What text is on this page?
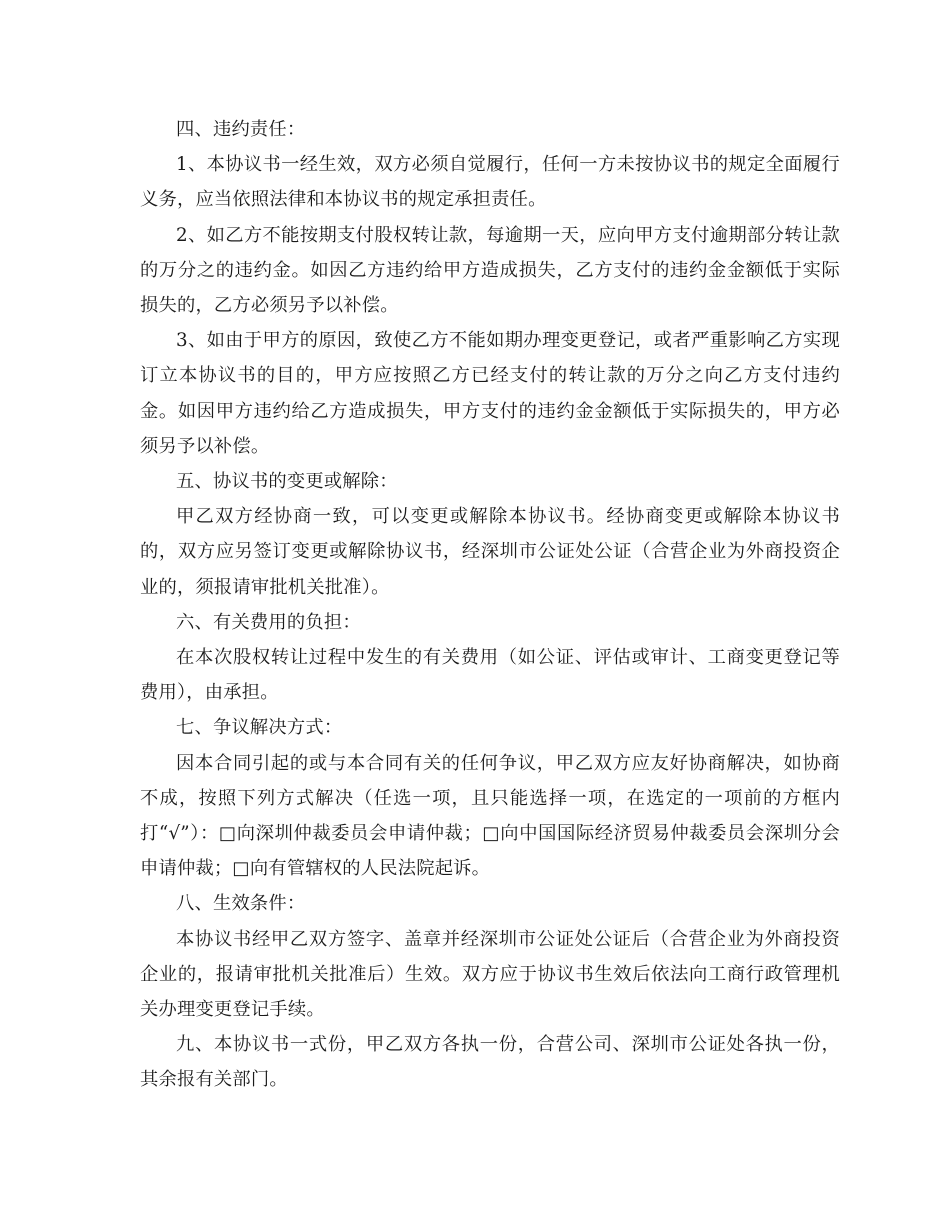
四、违约责任：

1、本协议书一经生效，双方必须自觉履行，任何一方未按协议书的规定全面履行义务，应当依照法律和本协议书的规定承担责任。

2、如乙方不能按期支付股权转让款，每逾期一天，应向甲方支付逾期部分转让款的万分之的违约金。如因乙方违约给甲方造成损失，乙方支付的违约金金额低于实际损失的，乙方必须另予以补偿。

3、如由于甲方的原因，致使乙方不能如期办理变更登记，或者严重影响乙方实现订立本协议书的目的，甲方应按照乙方已经支付的转让款的万分之向乙方支付违约金。如因甲方违约给乙方造成损失，甲方支付的违约金金额低于实际损失的，甲方必须另予以补偿。

五、协议书的变更或解除：

甲乙双方经协商一致，可以变更或解除本协议书。经协商变更或解除本协议书的，双方应另签订变更或解除协议书，经深圳市公证处公证（合营企业为外商投资企业的，须报请审批机关批准）。

六、有关费用的负担：

在本次股权转让过程中发生的有关费用（如公证、评估或审计、工商变更登记等费用），由承担。

七、争议解决方式：

因本合同引起的或与本合同有关的任何争议，甲乙双方应友好协商解决，如协商不成，按照下列方式解决（任选一项，且只能选择一项，在选定的一项前的方框内打“√”）：□向深圳仲裁委员会申请仲裁；□向中国国际经济贸易仲裁委员会深圳分会申请仲裁；□向有管辖权的人民法院起诉。

八、生效条件：

本协议书经甲乙双方签字、盖章并经深圳市公证处公证后（合营企业为外商投资企业的，报请审批机关批准后）生效。双方应于协议书生效后依法向工商行政管理机关办理变更登记手续。

九、本协议书一式份，甲乙双方各执一份，合营公司、深圳市公证处各执一份，其余报有关部门。
